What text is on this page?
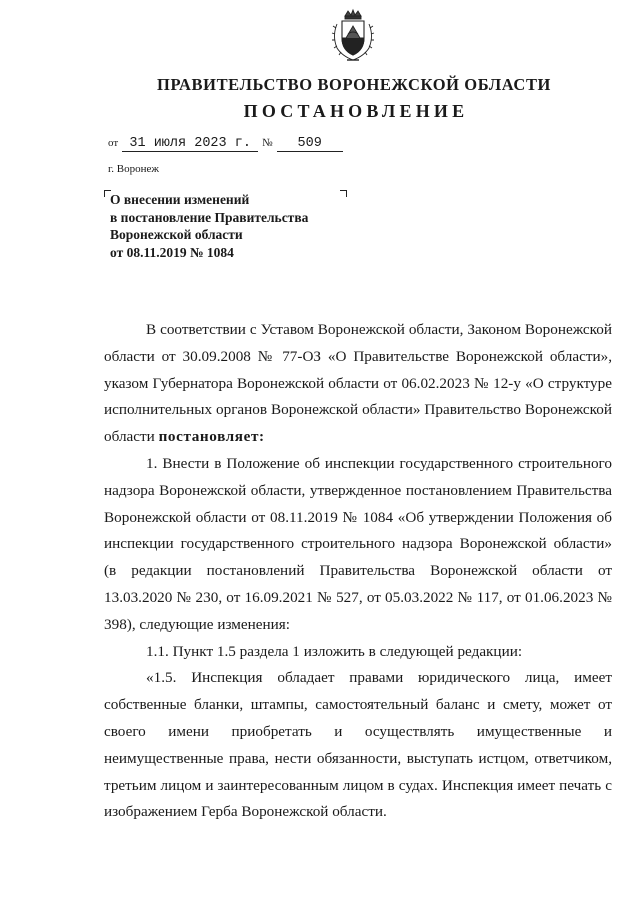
ПРАВИТЕЛЬСТВО ВОРОНЕЖСКОЙ ОБЛАСТИ
ПОСТАНОВЛЕНИЕ
от 31 июля 2023 г. № 509
г. Воронеж
О внесении изменений
в постановление Правительства
Воронежской области
от 08.11.2019 № 1084

В соответствии с Уставом Воронежской области, Законом Воронежской области от 30.09.2008 № 77-ОЗ «О Правительстве Воронежской области», указом Губернатора Воронежской области от 06.02.2023 № 12-у «О структуре исполнительных органов Воронежской области» Правительство Воронежской области постановляет:

1. Внести в Положение об инспекции государственного строительного надзора Воронежской области, утвержденное постановлением Правительства Воронежской области от 08.11.2019 № 1084 «Об утверждении Положения об инспекции государственного строительного надзора Воронежской области» (в редакции постановлений Правительства Воронежской области от 13.03.2020 № 230, от 16.09.2021 № 527, от 05.03.2022 № 117, от 01.06.2023 № 398), следующие изменения:

1.1. Пункт 1.5 раздела 1 изложить в следующей редакции:

«1.5. Инспекция обладает правами юридического лица, имеет собственные бланки, штампы, самостоятельный баланс и смету, может от своего имени приобретать и осуществлять имущественные и неимущественные права, нести обязанности, выступать истцом, ответчиком, третьим лицом и заинтересованным лицом в судах. Инспекция имеет печать с изображением Герба Воронежской области.
